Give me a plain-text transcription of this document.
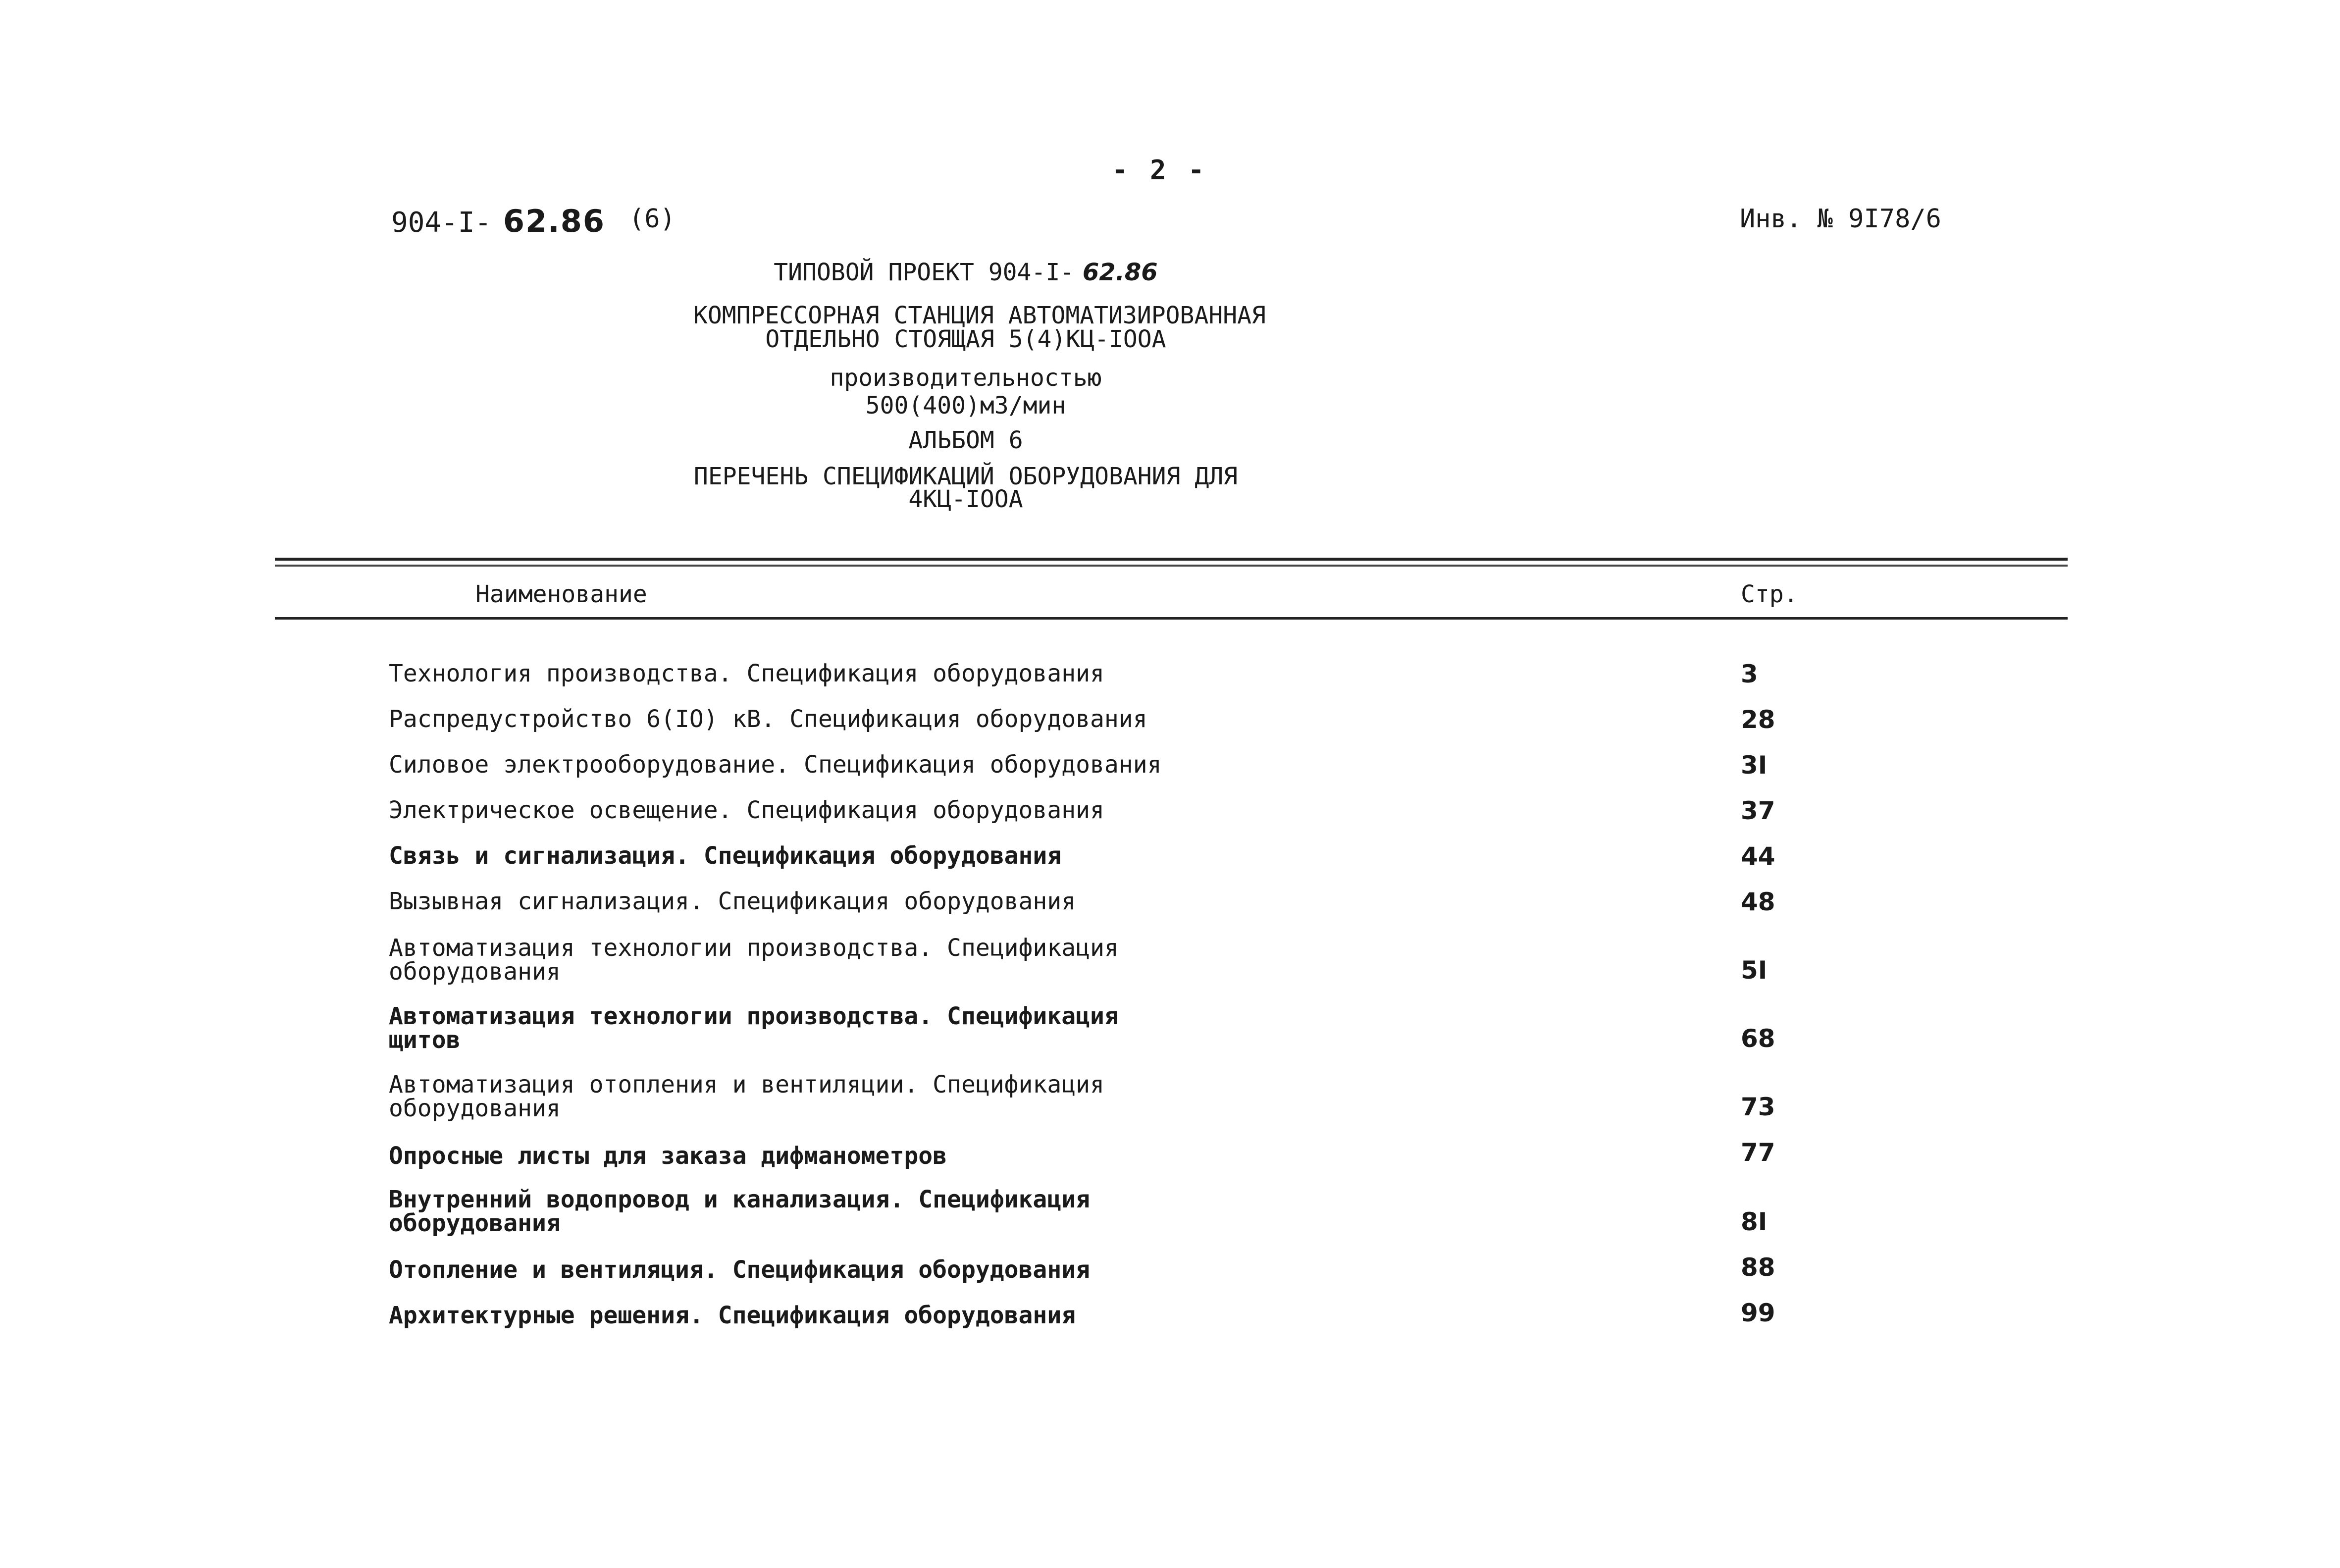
- 2 -
904-I- 62.86 (6)	Инв. № 9I78/6
ТИПОВОЙ ПРОЕКТ 904-I- 62.86
КОМПРЕССОРНАЯ СТАНЦИЯ АВТОМАТИЗИРОВАННАЯ
ОТДЕЛЬНО СТОЯЩАЯ 5(4)КЦ-IООА
производительностью
500(400)м3/мин
АЛЬБОМ 6
ПЕРЕЧЕНЬ СПЕЦИФИКАЦИЙ ОБОРУДОВАНИЯ ДЛЯ
4КЦ-IООА
Наименование	Стр.
Технология производства. Спецификация оборудования	3
Распредустройство 6(IO) кВ. Спецификация оборудования	28
Силовое электрооборудование. Спецификация оборудования	3I
Электрическое освещение. Спецификация оборудования	37
Связь и сигнализация. Спецификация оборудования	44
Вызывная сигнализация. Спецификация оборудования	48
Автоматизация технологии производства. Спецификация
оборудования	5I
Автоматизация технологии производства. Спецификация
щитов	68
Автоматизация отопления и вентиляции. Спецификация
оборудования	73
Опросные листы для заказа дифманометров	77
Внутренний водопровод и канализация. Спецификация
оборудования	8I
Отопление и вентиляция. Спецификация оборудования	88
Архитектурные решения. Спецификация оборудования	99
